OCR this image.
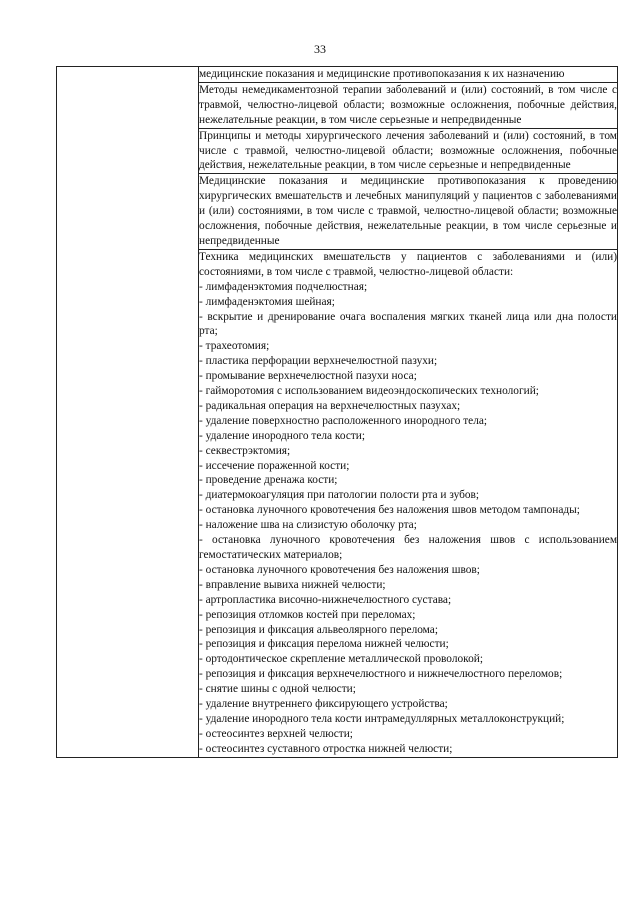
33

медицинские показания и медицинские противопоказания к их назначению

Методы немедикаментозной терапии заболеваний и (или) состояний, в том числе с травмой, челюстно-лицевой области; возможные осложнения, побочные действия, нежелательные реакции, в том числе серьезные и непредвиденные

Принципы и методы хирургического лечения заболеваний и (или) состояний, в том числе с травмой, челюстно-лицевой области; возможные осложнения, побочные действия, нежелательные реакции, в том числе серьезные и непредвиденные

Медицинские показания и медицинские противопоказания к проведению хирургических вмешательств и лечебных манипуляций у пациентов с заболеваниями и (или) состояниями, в том числе с травмой, челюстно-лицевой области; возможные осложнения, побочные действия, нежелательные реакции, в том числе серьезные и непредвиденные

Техника медицинских вмешательств у пациентов с заболеваниями и (или) состояниями, в том числе с травмой, челюстно-лицевой области:
- лимфаденэктомия подчелюстная;
- лимфаденэктомия шейная;
- вскрытие и дренирование очага воспаления мягких тканей лица или дна полости рта;
- трахеотомия;
- пластика перфорации верхнечелюстной пазухи;
- промывание верхнечелюстной пазухи носа;
- гайморотомия с использованием видеоэндоскопических технологий;
- радикальная операция на верхнечелюстных пазухах;
- удаление поверхностно расположенного инородного тела;
- удаление инородного тела кости;
- секвестрэктомия;
- иссечение пораженной кости;
- проведение дренажа кости;
- диатермокоагуляция при патологии полости рта и зубов;
- остановка луночного кровотечения без наложения швов методом тампонады;
- наложение шва на слизистую оболочку рта;
- остановка луночного кровотечения без наложения швов с использованием гемостатических материалов;
- остановка луночного кровотечения без наложения швов;
- вправление вывиха нижней челюсти;
- артропластика височно-нижнечелюстного сустава;
- репозиция отломков костей при переломах;
- репозиция и фиксация альвеолярного перелома;
- репозиция и фиксация перелома нижней челюсти;
- ортодонтическое скрепление металлической проволокой;
- репозиция и фиксация верхнечелюстного и нижнечелюстного переломов;
- снятие шины с одной челюсти;
- удаление внутреннего фиксирующего устройства;
- удаление инородного тела кости интрамедуллярных металлоконструкций;
- остеосинтез верхней челюсти;
- остеосинтез суставного отростка нижней челюсти;
